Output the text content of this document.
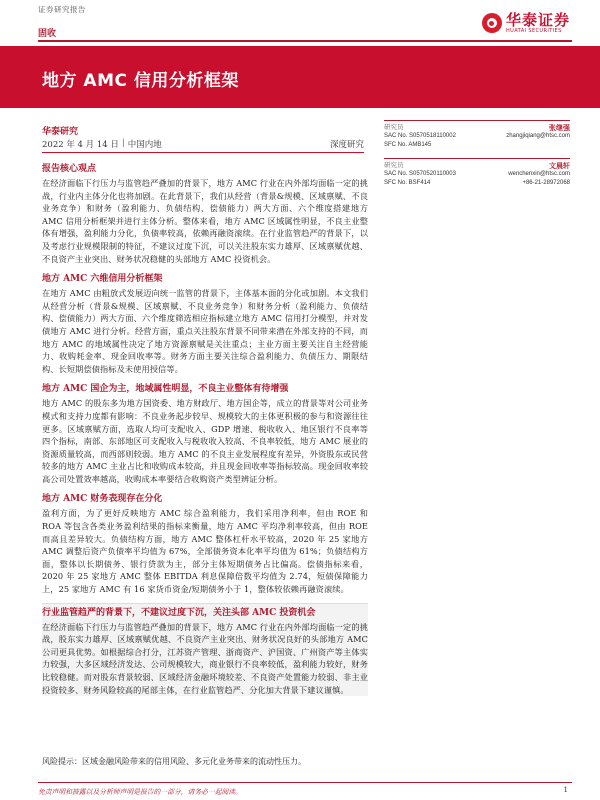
证券研究报告
固收
华泰证券
HUATAI SECURITIES
地方 AMC 信用分析框架
华泰研究
2022 年 4 月 14 日 | 中国内地	深度研究
研究员	张继强
SAC No. S0570518110002	zhangjiqiang@htsc.com
SFC No. AMB145
研究员	文晨轩
SAC No. S0570520110003	wenchenxin@htsc.com
SFC No. BSF414	+86-21-28972068
报告核心观点
在经济面临下行压力与监管趋严叠加的背景下，地方 AMC 行业在内外部均面临一定的挑战，行业内主体分化也将加剧。在此背景下，我们从经营（背景&规模、区域禀赋、不良业务竞争）和财务（盈利能力、负债结构、偿债能力）两大方面、六个维度搭建地方 AMC 信用分析框架并进行主体分析。整体来看，地方 AMC 区域属性明显，不良主业整体有增强，盈利能力分化，负债率较高，依赖再融资滚续。在行业监管趋严的背景下，以及考虑行业规模限制的特征，不建议过度下沉，可以关注股东实力雄厚、区域禀赋优越、不良资产主业突出、财务状况稳健的头部地方 AMC 投资机会。
地方 AMC 六维信用分析框架
在地方 AMC 由粗放式发展迈向统一监管的背景下，主体基本面的分化或加剧。本文我们从经营分析（背景&规模、区域禀赋、不良业务竞争）和财务分析（盈利能力、负债结构、偿债能力）两大方面、六个维度筛选相应指标建立地方 AMC 信用打分模型，并对发债地方 AMC 进行分析。经营方面，重点关注股东背景不同带来潜在外部支持的不同，而地方 AMC 的地域属性决定了地方资源禀赋是关注重点；主业方面主要关注自主经营能力、收购耗金率、现金回收率等。财务方面主要关注综合盈利能力、负债压力、期限结构、长短期偿债指标及未使用授信等。
地方 AMC 国企为主，地域属性明显，不良主业整体有待增强
地方 AMC 的股东多为地方国资委、地方财政厅、地方国企等，成立的背景等对公司业务模式和支持力度都有影响：不良业务起步较早、规模较大的主体更积极的参与和资源往往更多。区域禀赋方面，选取人均可支配收入、GDP 增速、税收收入、地区银行不良率等四个指标，南部、东部地区可支配收入与税收收入较高、不良率较低，地方 AMC 展业的资源质量较高，而西部则较弱。地方 AMC 的不良主业发展程度有差异，外资股东或民营较多的地方 AMC 主业占比和收购成本较高，并且现金回收率等指标较高。现金回收率较高公司处置效率越高，收购成本率要结合收购资产类型辨证分析。
地方 AMC 财务表现存在分化
盈利方面，为了更好反映地方 AMC 综合盈利能力，我们采用净利率，但由 ROE 和 ROA 等包含各类业务盈利结果的指标来衡量，地方 AMC 平均净利率较高，但由 ROE 而高且差异较大。负债结构方面，地方 AMC 整体杠杆水平较高，2020 年 25 家地方 AMC 调整后资产负债率平均值为 67%，全部债务资本化率平均值为 61%；负债结构方面，整体以长期债务、银行贷款为主，部分主体短期债务占比偏高。偿债指标来看，2020 年 25 家地方 AMC 整体 EBITDA 利息保障倍数平均值为 2.74，短债保障能力上，25 家地方 AMC 有 16 家货币资金/短期债务小于 1，整体较依赖再融资滚续。
行业监管趋严的背景下，不建议过度下沉，关注头部 AMC 投资机会
在经济面临下行压力与监管趋严叠加的背景下，地方 AMC 行业在内外部均面临一定的挑战，股东实力雄厚、区域禀赋优越、不良资产主业突出、财务状况良好的头部地方 AMC 公司更具优势。如根据综合打分，江苏资产管理、浙商资产、沪国资、广州资产等主体实力较强，大多区域经济发达、公司规模较大，商业银行不良率较低，盈利能力较好，财务比较稳健。而对股东背景较弱、区域经济金融环境较差、不良资产处置能力较弱、非主业投资较多、财务风险较高的尾部主体，在行业监管趋严、分化加大背景下建议谨慎。
风险提示：区域金融风险带来的信用风险、多元化业务带来的流动性压力。
免责声明和披露以及分析师声明是报告的一部分，请务必一起阅读。	1
